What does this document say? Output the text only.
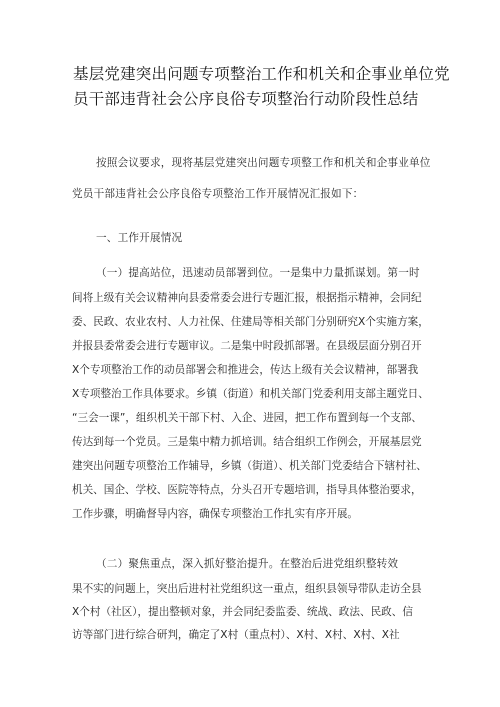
基层党建突出问题专项整治工作和机关和企事业单位党
员干部违背社会公序良俗专项整治行动阶段性总结
按照会议要求，现将基层党建突出问题专项整工作和机关和企事业单位
党员干部违背社会公序良俗专项整治工作开展情况汇报如下：
一、工作开展情况
（一）提高站位，迅速动员部署到位。一是集中力量抓谋划。第一时
间将上级有关会议精神向县委常委会进行专题汇报，根据指示精神，会同纪
委、民政、农业农村、人力社保、住建局等相关部门分别研究X个实施方案，
并报县委常委会进行专题审议。二是集中时段抓部署。在县级层面分别召开
X个专项整治工作的动员部署会和推进会，传达上级有关会议精神，部署我
X专项整治工作具体要求。乡镇（街道）和机关部门党委利用支部主题党日、
“三会一课”，组织机关干部下村、入企、进园，把工作布置到每一个支部、
传达到每一个党员。三是集中精力抓培训。结合组织工作例会，开展基层党
建突出问题专项整治工作辅导，乡镇（街道）、机关部门党委结合下辖村社、
机关、国企、学校、医院等特点，分头召开专题培训，指导具体整治要求，
工作步骤，明确督导内容，确保专项整治工作扎实有序开展。
（二）聚焦重点，深入抓好整治提升。在整治后进党组织整转效
果不实的问题上，突出后进村社党组织这一重点，组织县领导带队走访全县
X个村（社区），提出整顿对象，并会同纪委监委、统战、政法、民政、信
访等部门进行综合研判，确定了X村（重点村）、X村、X村、X村、X社
